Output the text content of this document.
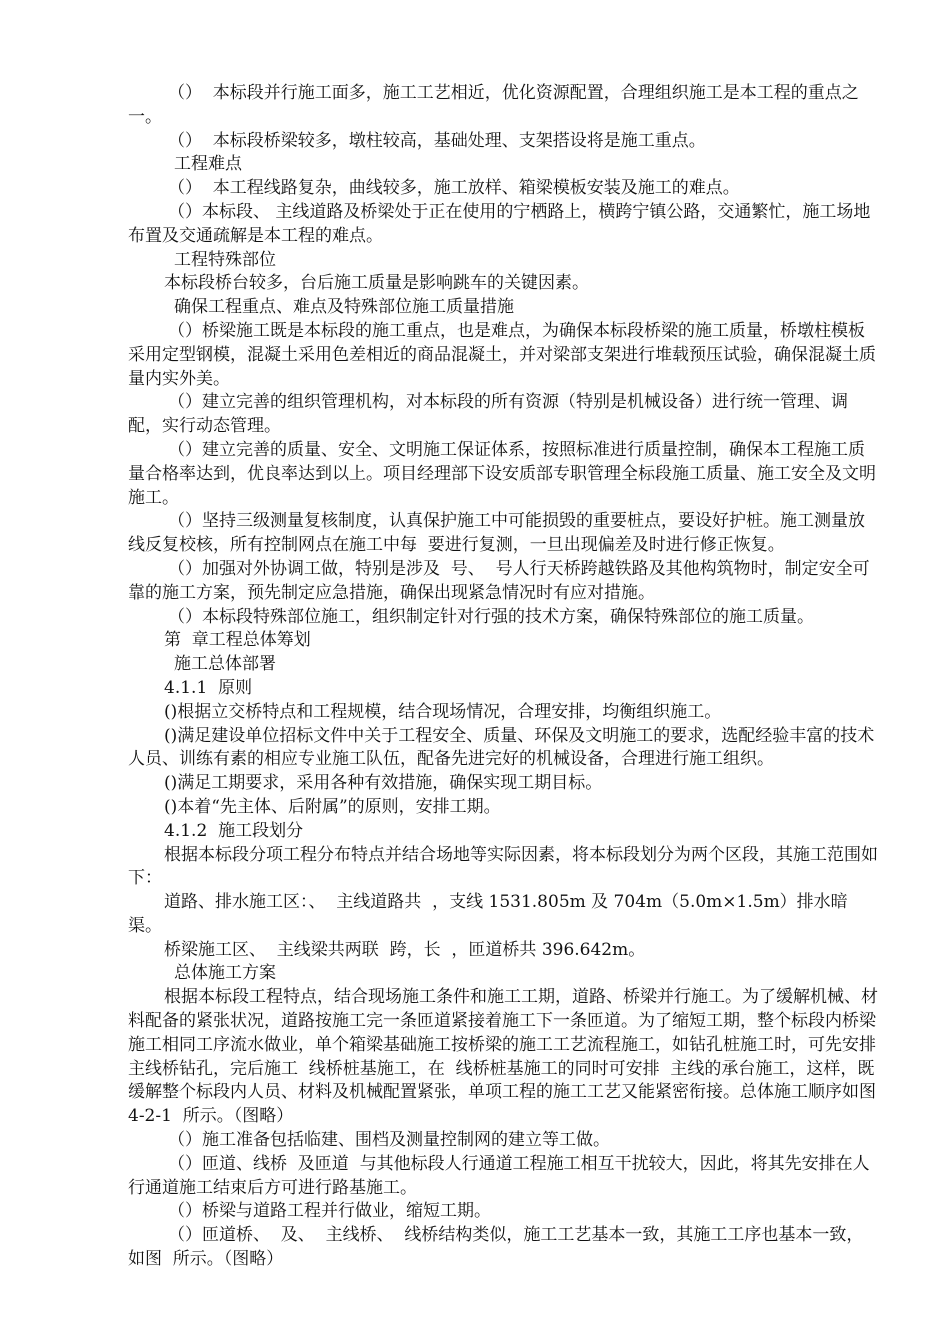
（）  本标段并行施工面多，施工工艺相近，优化资源配置，合理组织施工是本工程的重点之一。

（）  本标段桥梁较多，墩柱较高，基础处理、支架搭设将是施工重点。

工程难点

（）  本工程线路复杂，曲线较多，施工放样、箱梁模板安装及施工的难点。

（）本标段、 主线道路及桥梁处于正在使用的宁栖路上，横跨宁镇公路，交通繁忙，施工场地布置及交通疏解是本工程的难点。

工程特殊部位

本标段桥台较多，台后施工质量是影响跳车的关键因素。

确保工程重点、难点及特殊部位施工质量措施

（）桥梁施工既是本标段的施工重点，也是难点，为确保本标段桥梁的施工质量，桥墩柱模板采用定型钢模，混凝土采用色差相近的商品混凝土，并对梁部支架进行堆载预压试验，确保混凝土质量内实外美。

（）建立完善的组织管理机构，对本标段的所有资源（特别是机械设备）进行统一管理、调配，实行动态管理。

（）建立完善的质量、安全、文明施工保证体系，按照标准进行质量控制，确保本工程施工质量合格率达到，优良率达到以上。项目经理部下设安质部专职管理全标段施工质量、施工安全及文明施工。

（）坚持三级测量复核制度，认真保护施工中可能损毁的重要桩点，要设好护桩。施工测量放线反复校核，所有控制网点在施工中每  要进行复测，一旦出现偏差及时进行修正恢复。

（）加强对外协调工做，特别是涉及  号、  号人行天桥跨越铁路及其他构筑物时，制定安全可靠的施工方案，预先制定应急措施，确保出现紧急情况时有应对措施。

（）本标段特殊部位施工，组织制定针对行强的技术方案，确保特殊部位的施工质量。

第  章工程总体筹划

施工总体部署

4.1.1  原则

()根据立交桥特点和工程规模，结合现场情况，合理安排，均衡组织施工。

()满足建设单位招标文件中关于工程安全、质量、环保及文明施工的要求，选配经验丰富的技术人员、训练有素的相应专业施工队伍，配备先进完好的机械设备，合理进行施工组织。

()满足工期要求，采用各种有效措施，确保实现工期目标。

()本着“先主体、后附属”的原则，安排工期。

4.1.2  施工段划分

根据本标段分项工程分布特点并结合场地等实际因素，将本标段划分为两个区段，其施工范围如下：

道路、排水施工区：、  主线道路共  ，支线 1531.805m 及 704m（5.0m×1.5m）排水暗渠。

桥梁施工区、  主线梁共两联  跨，长  ，匝道桥共 396.642m。

总体施工方案

根据本标段工程特点，结合现场施工条件和施工工期，道路、桥梁并行施工。为了缓解机械、材料配备的紧张状况，道路按施工完一条匝道紧接着施工下一条匝道。为了缩短工期，整个标段内桥梁施工相同工序流水做业，单个箱梁基础施工按桥梁的施工工艺流程施工，如钻孔桩施工时，可先安排  主线桥钻孔，完后施工  线桥桩基施工，在  线桥桩基施工的同时可安排  主线的承台施工，这样，既缓解整个标段内人员、材料及机械配置紧张，单项工程的施工工艺又能紧密衔接。总体施工顺序如图 4-2-1  所示。（图略）

（）施工准备包括临建、围档及测量控制网的建立等工做。

（）匝道、线桥  及匝道  与其他标段人行通道工程施工相互干扰较大，因此，将其先安排在人行通道施工结束后方可进行路基施工。

（）桥梁与道路工程并行做业，缩短工期。

（）匝道桥、  及、  主线桥、  线桥结构类似，施工工艺基本一致，其施工工序也基本一致，如图  所示。（图略）
